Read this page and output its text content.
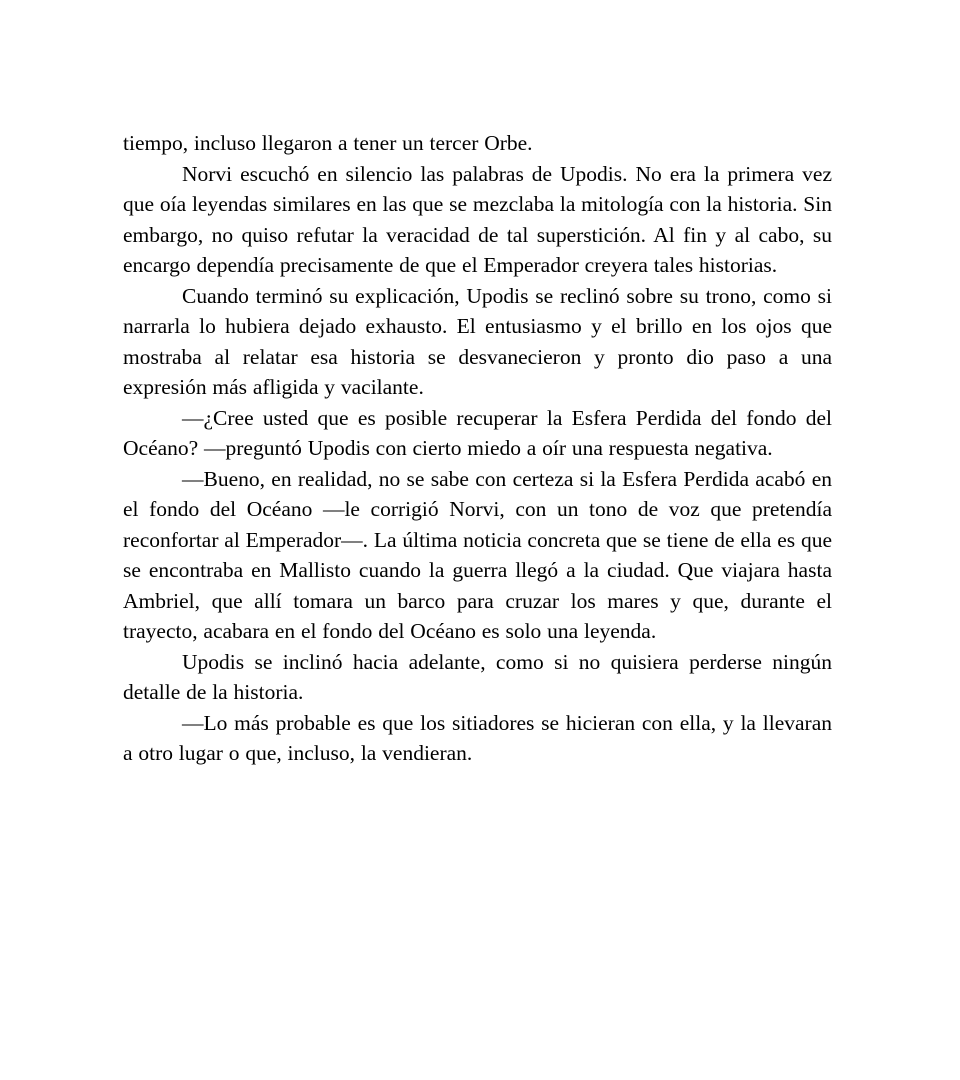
tiempo, incluso llegaron a tener un tercer Orbe.

Norvi escuchó en silencio las palabras de Upodis. No era la primera vez que oía leyendas similares en las que se mezclaba la mitología con la historia. Sin embargo, no quiso refutar la veracidad de tal superstición. Al fin y al cabo, su encargo dependía precisamente de que el Emperador creyera tales historias.

Cuando terminó su explicación, Upodis se reclinó sobre su trono, como si narrarla lo hubiera dejado exhausto. El entusiasmo y el brillo en los ojos que mostraba al relatar esa historia se desvanecieron y pronto dio paso a una expresión más afligida y vacilante.

—¿Cree usted que es posible recuperar la Esfera Perdida del fondo del Océano? —preguntó Upodis con cierto miedo a oír una respuesta negativa.

—Bueno, en realidad, no se sabe con certeza si la Esfera Perdida acabó en el fondo del Océano —le corrigió Norvi, con un tono de voz que pretendía reconfortar al Emperador—. La última noticia concreta que se tiene de ella es que se encontraba en Mallisto cuando la guerra llegó a la ciudad. Que viajara hasta Ambriel, que allí tomara un barco para cruzar los mares y que, durante el trayecto, acabara en el fondo del Océano es solo una leyenda.

Upodis se inclinó hacia adelante, como si no quisiera perderse ningún detalle de la historia.

—Lo más probable es que los sitiadores se hicieran con ella, y la llevaran a otro lugar o que, incluso, la vendieran.
